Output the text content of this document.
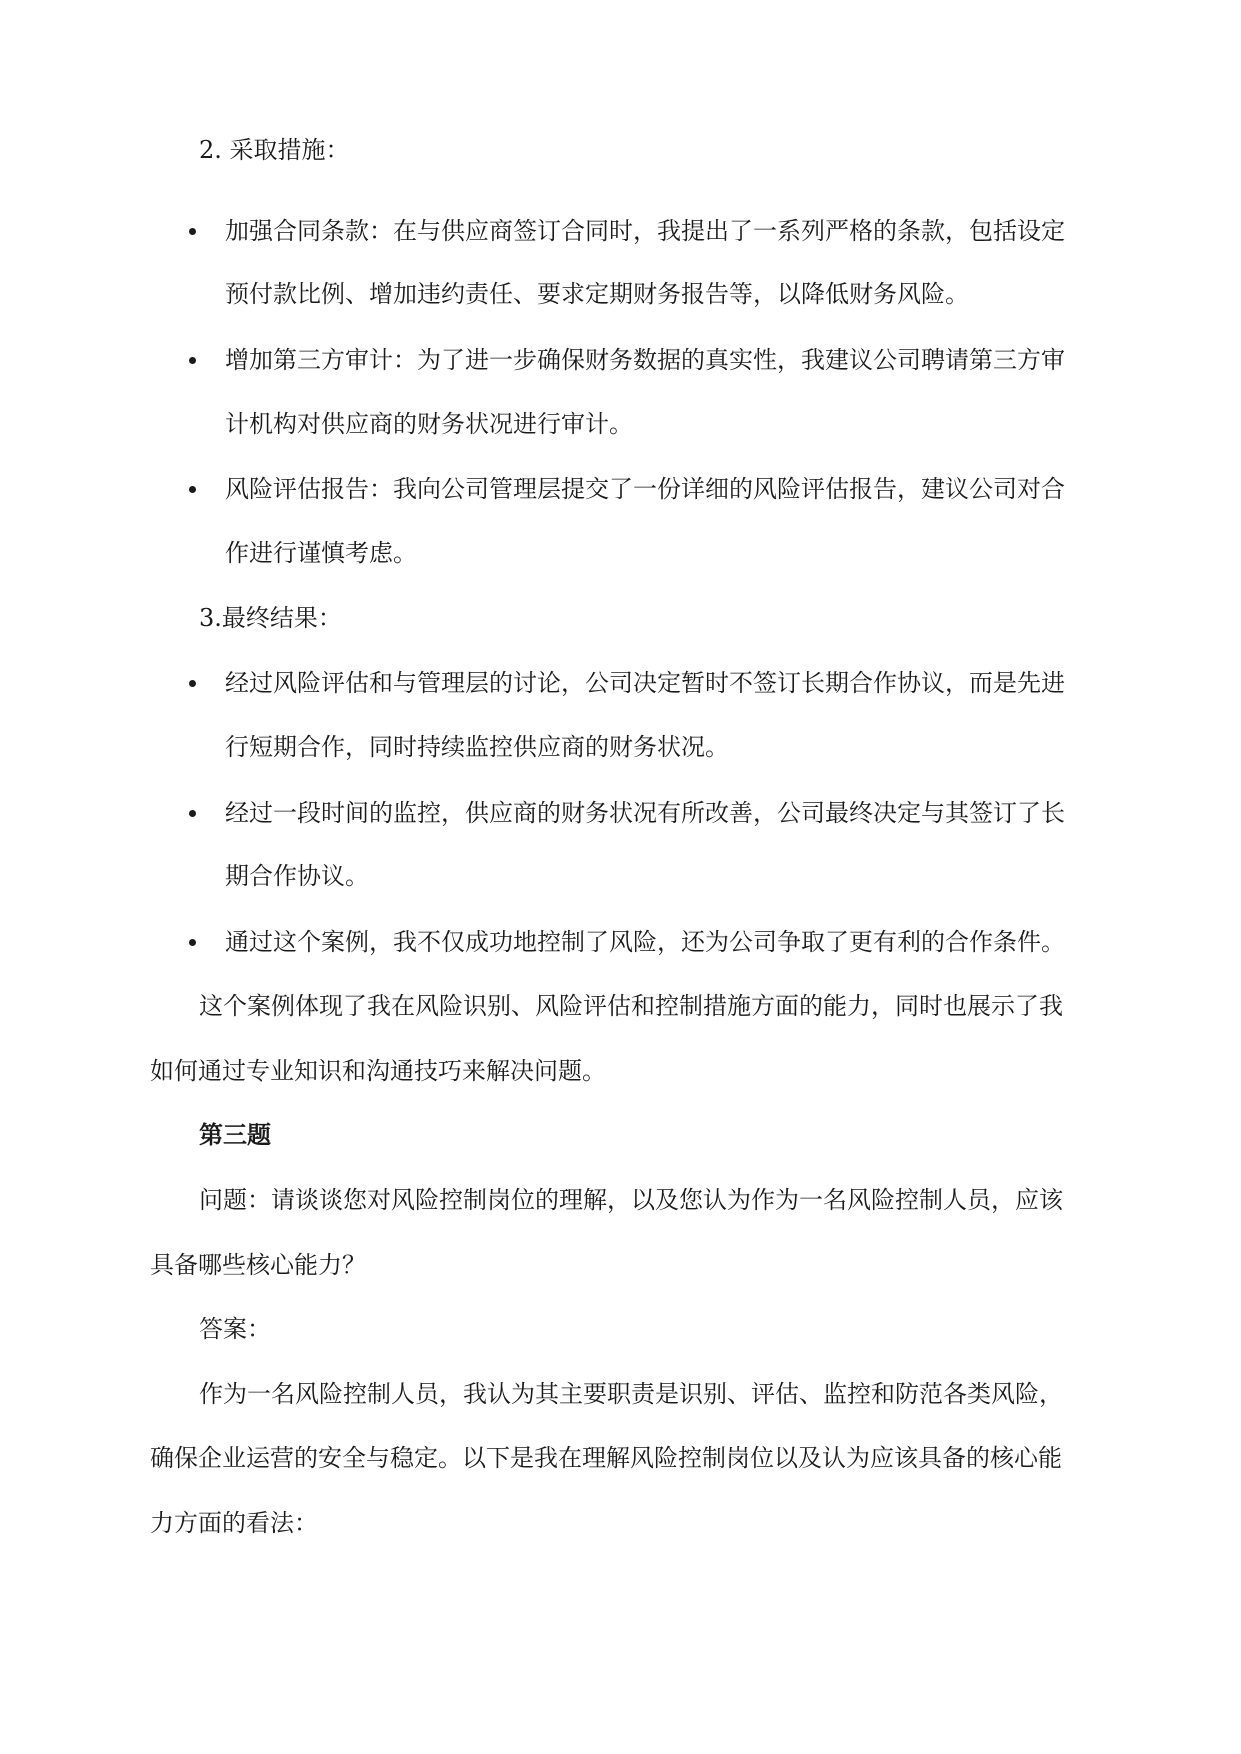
2. 采取措施：
加强合同条款：在与供应商签订合同时，我提出了一系列严格的条款，包括设定
预付款比例、增加违约责任、要求定期财务报告等，以降低财务风险。
增加第三方审计：为了进一步确保财务数据的真实性，我建议公司聘请第三方审
计机构对供应商的财务状况进行审计。
风险评估报告：我向公司管理层提交了一份详细的风险评估报告，建议公司对合
作进行谨慎考虑。
3.最终结果：
经过风险评估和与管理层的讨论，公司决定暂时不签订长期合作协议，而是先进
行短期合作，同时持续监控供应商的财务状况。
经过一段时间的监控，供应商的财务状况有所改善，公司最终决定与其签订了长
期合作协议。
通过这个案例，我不仅成功地控制了风险，还为公司争取了更有利的合作条件。
这个案例体现了我在风险识别、风险评估和控制措施方面的能力，同时也展示了我
如何通过专业知识和沟通技巧来解决问题。
第三题
问题：请谈谈您对风险控制岗位的理解，以及您认为作为一名风险控制人员，应该
具备哪些核心能力？
答案：
作为一名风险控制人员，我认为其主要职责是识别、评估、监控和防范各类风险，
确保企业运营的安全与稳定。以下是我在理解风险控制岗位以及认为应该具备的核心能
力方面的看法：
